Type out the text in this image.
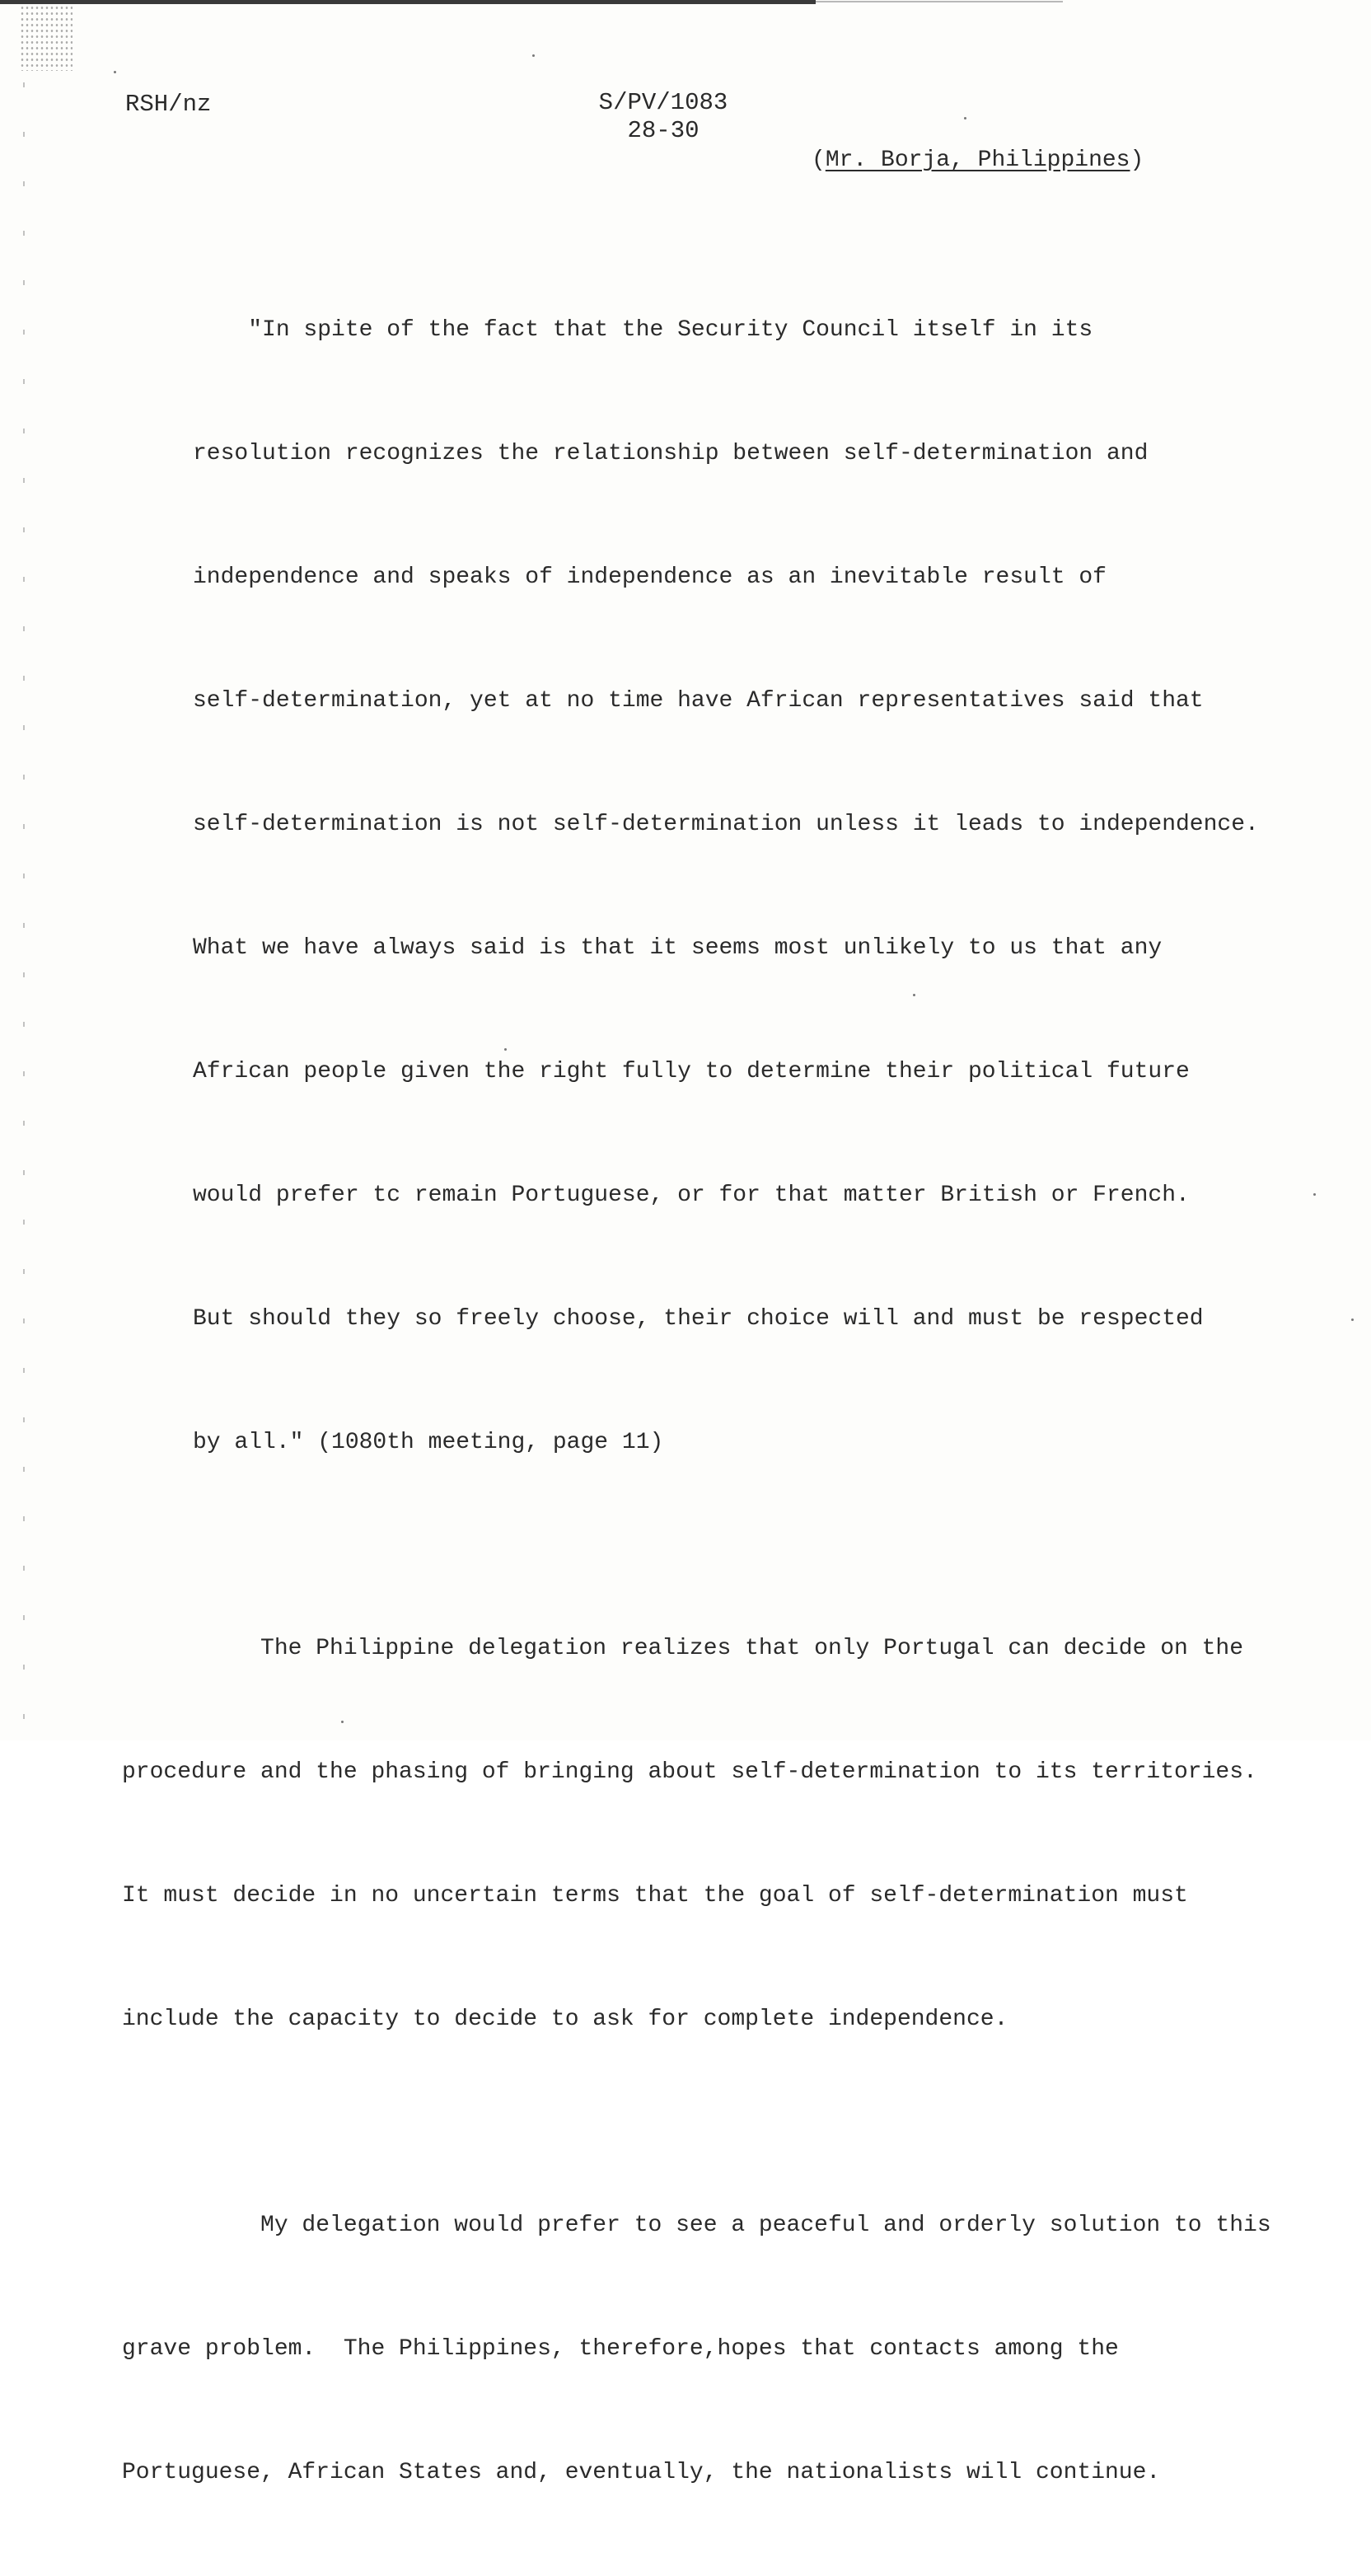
RSH/nz	S/PV/1083
28-30
(Mr. Borja, Philippines)

"In spite of the fact that the Security Council itself in its

resolution recognizes the relationship between self-determination and

independence and speaks of independence as an inevitable result of

self-determination, yet at no time have African representatives said that

self-determination is not self-determination unless it leads to independence.

What we have always said is that it seems most unlikely to us that any

African people given the right fully to determine their political future

would prefer tc remain Portuguese, or for that matter British or French.

But should they so freely choose, their choice will and must be respected

by all." (1080th meeting, page 11)

The Philippine delegation realizes that only Portugal can decide on the

procedure and the phasing of bringing about self-determination to its territories.

It must decide in no uncertain terms that the goal of self-determination must

include the capacity to decide to ask for complete independence.

My delegation would prefer to see a peaceful and orderly solution to this

grave problem.  The Philippines, therefore,hopes that contacts among the

Portuguese, African States and, eventually, the nationalists will continue.
